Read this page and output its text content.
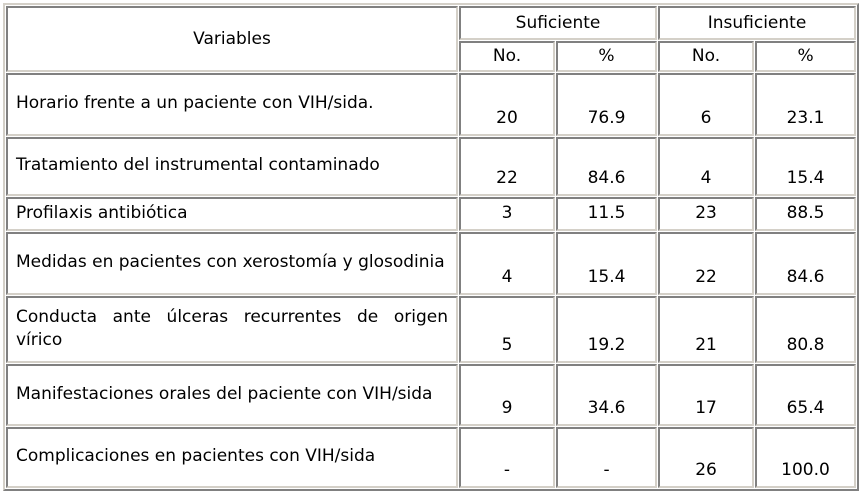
Variables	Suficiente		Insuficiente	
	No.	%	No.	%
Horario frente a un paciente con VIH/sida.	20	76.9	6	23.1
Tratamiento del instrumental contaminado	22	84.6	4	15.4
Profilaxis antibiótica	3	11.5	23	88.5
Medidas en pacientes con xerostomía y glosodinia	4	15.4	22	84.6
Conducta ante úlceras recurrentes de origen vírico	5	19.2	21	80.8
Manifestaciones orales del paciente con VIH/sida	9	34.6	17	65.4
Complicaciones en pacientes con VIH/sida	-	-	26	100.0
